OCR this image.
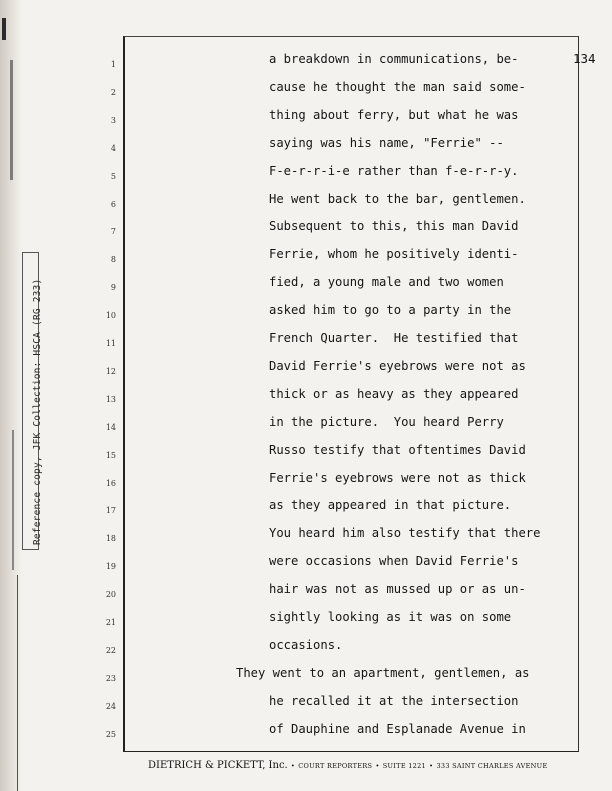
Reference copy, JFK Collection: HSCA (RG 233)
134
1
2
3
4
5
6
7
8
9
10
11
12
13
14
15
16
17
18
19
20
21
22
23
24
25
a breakdown in communications, be-
cause he thought the man said some-
thing about ferry, but what he was
saying was his name, "Ferrie" --
F-e-r-r-i-e rather than f-e-r-r-y.
He went back to the bar, gentlemen.
Subsequent to this, this man David
Ferrie, whom he positively identi-
fied, a young male and two women
asked him to go to a party in the
French Quarter.  He testified that
David Ferrie's eyebrows were not as
thick or as heavy as they appeared
in the picture.  You heard Perry
Russo testify that oftentimes David
Ferrie's eyebrows were not as thick
as they appeared in that picture.
You heard him also testify that there
were occasions when David Ferrie's
hair was not as mussed up or as un-
sightly looking as it was on some
occasions.
They went to an apartment, gentlemen, as
he recalled it at the intersection
of Dauphine and Esplanade Avenue in
DIETRICH & PICKETT, Inc. • COURT REPORTERS • SUITE 1221 • 333 SAINT CHARLES AVENUE
